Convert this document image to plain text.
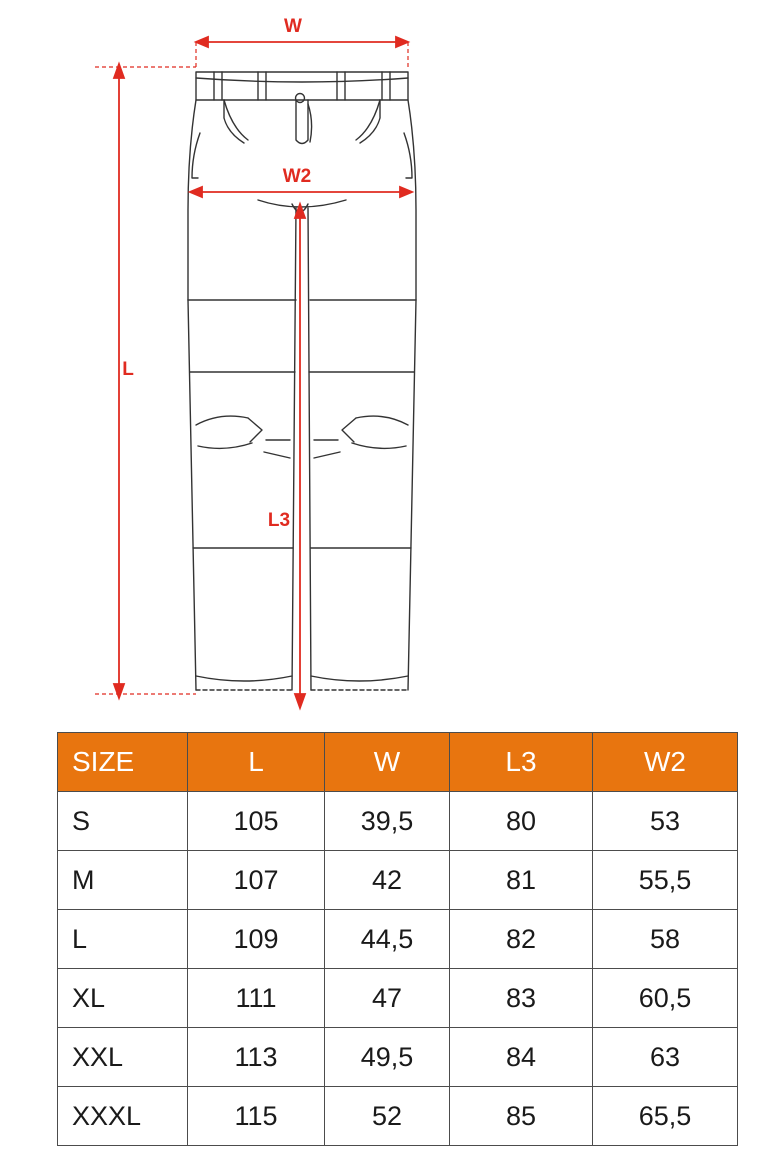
W
W2
L
L3
SIZE	L	W	L3	W2
S	105	39,5	80	53
M	107	42	81	55,5
L	109	44,5	82	58
XL	111	47	83	60,5
XXL	113	49,5	84	63
XXXL	115	52	85	65,5
